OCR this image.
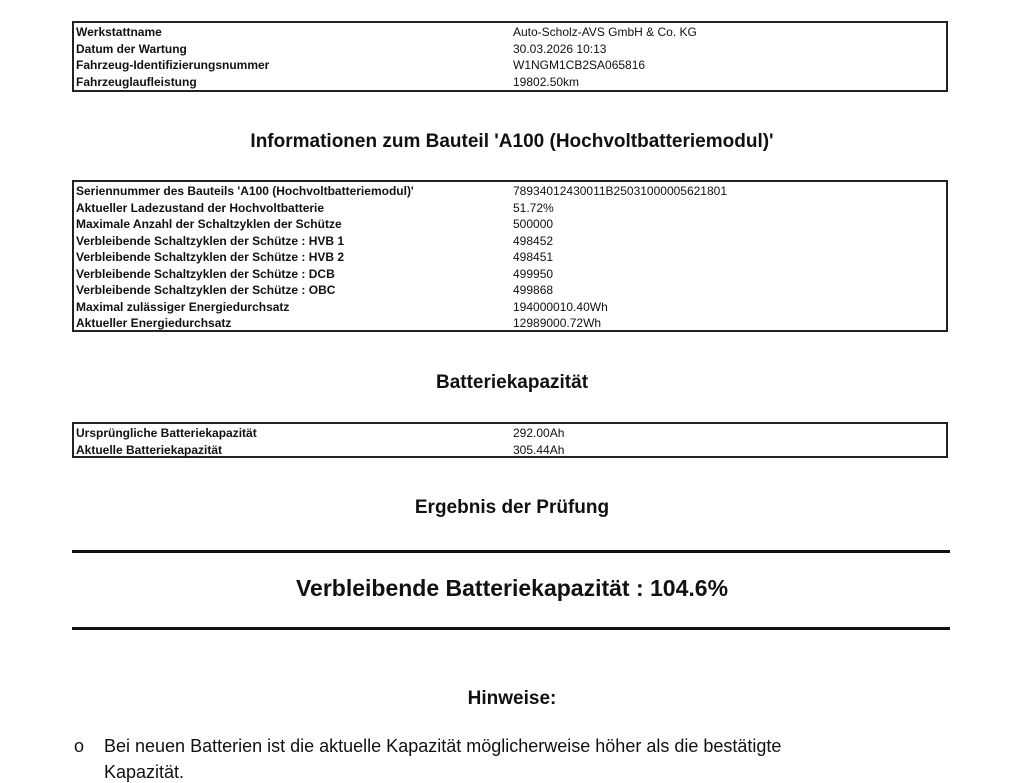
Werkstattname	Auto-Scholz-AVS GmbH & Co. KG
Datum der Wartung	30.03.2026 10:13
Fahrzeug-Identifizierungsnummer	W1NGM1CB2SA065816
Fahrzeuglaufleistung	19802.50km
Informationen zum Bauteil 'A100 (Hochvoltbatteriemodul)'
Seriennummer des Bauteils 'A100 (Hochvoltbatteriemodul)'	78934012430011B25031000005621801
Aktueller Ladezustand der Hochvoltbatterie	51.72%
Maximale Anzahl der Schaltzyklen der Schütze	500000
Verbleibende Schaltzyklen der Schütze : HVB 1	498452
Verbleibende Schaltzyklen der Schütze : HVB 2	498451
Verbleibende Schaltzyklen der Schütze : DCB	499950
Verbleibende Schaltzyklen der Schütze : OBC	499868
Maximal zulässiger Energiedurchsatz	194000010.40Wh
Aktueller Energiedurchsatz	12989000.72Wh
Batteriekapazität
Ursprüngliche Batteriekapazität	292.00Ah
Aktuelle Batteriekapazität	305.44Ah
Ergebnis der Prüfung
Verbleibende Batteriekapazität : 104.6%
Hinweise:
o	Bei neuen Batterien ist die aktuelle Kapazität möglicherweise höher als die bestätigte
Kapazität.
